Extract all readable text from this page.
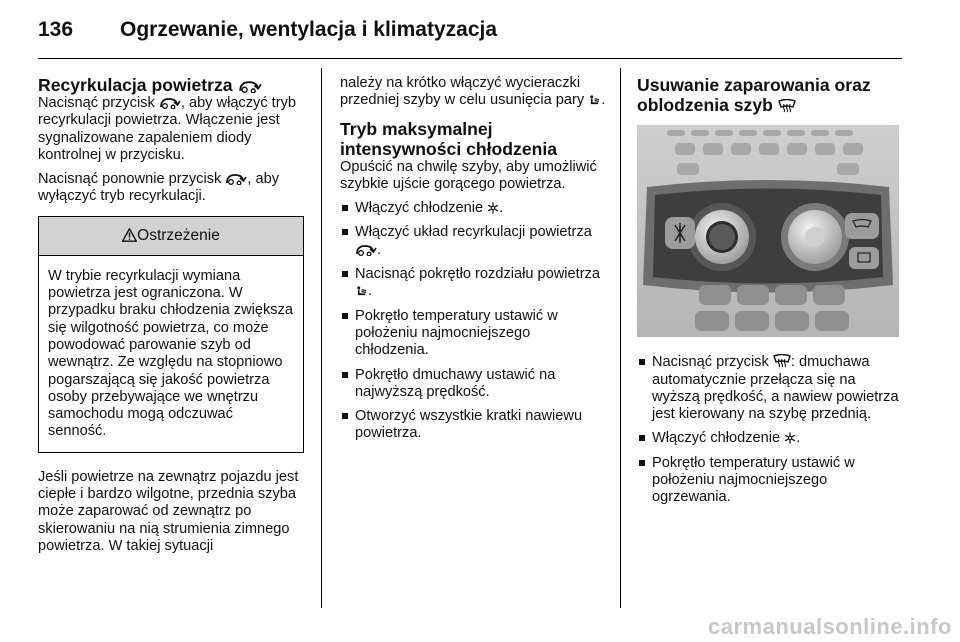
136 Ogrzewanie, wentylacja i klimatyzacja
Recyrkulacja powietrza

Nacisnąć przycisk , aby włączyć tryb recyrkulacji powietrza. Włączenie jest sygnalizowane zapaleniem diody kontrolnej w przycisku.

Nacisnąć ponownie przycisk , aby wyłączyć tryb recyrkulacji.

Ostrzeżenie
W trybie recyrkulacji wymiana powietrza jest ograniczona. W przypadku braku chłodzenia zwiększa się wilgotność powietrza, co może powodować parowanie szyb od wewnątrz. Ze względu na stopniowo pogarszającą się jakość powietrza osoby przebywające we wnętrzu samochodu mogą odczuwać senność.

Jeśli powietrze na zewnątrz pojazdu jest ciepłe i bardzo wilgotne, przednia szyba może zaparować od zewnątrz po skierowaniu na nią strumienia zimnego powietrza. W takiej sytuacji

należy na krótko włączyć wycieraczki przedniej szyby w celu usunięcia pary .

Tryb maksymalnej intensywności chłodzenia

Opuścić na chwilę szyby, aby umożliwić szybkie ujście gorącego powietrza.

Włączyć chłodzenie .
Włączyć układ recyrkulacji powietrza .
Nacisnąć pokrętło rozdziału powietrza .
Pokrętło temperatury ustawić w położeniu najmocniejszego chłodzenia.
Pokrętło dmuchawy ustawić na najwyższą prędkość.
Otworzyć wszystkie kratki nawiewu powietrza.
Usuwanie zaparowania oraz oblodzenia szyb
Nacisnąć przycisk : dmuchawa automatycznie przełącza się na wyższą prędkość, a nawiew powietrza jest kierowany na szybę przednią.
Włączyć chłodzenie .
Pokrętło temperatury ustawić w położeniu najmocniejszego ogrzewania.
carmanualsonline.info
